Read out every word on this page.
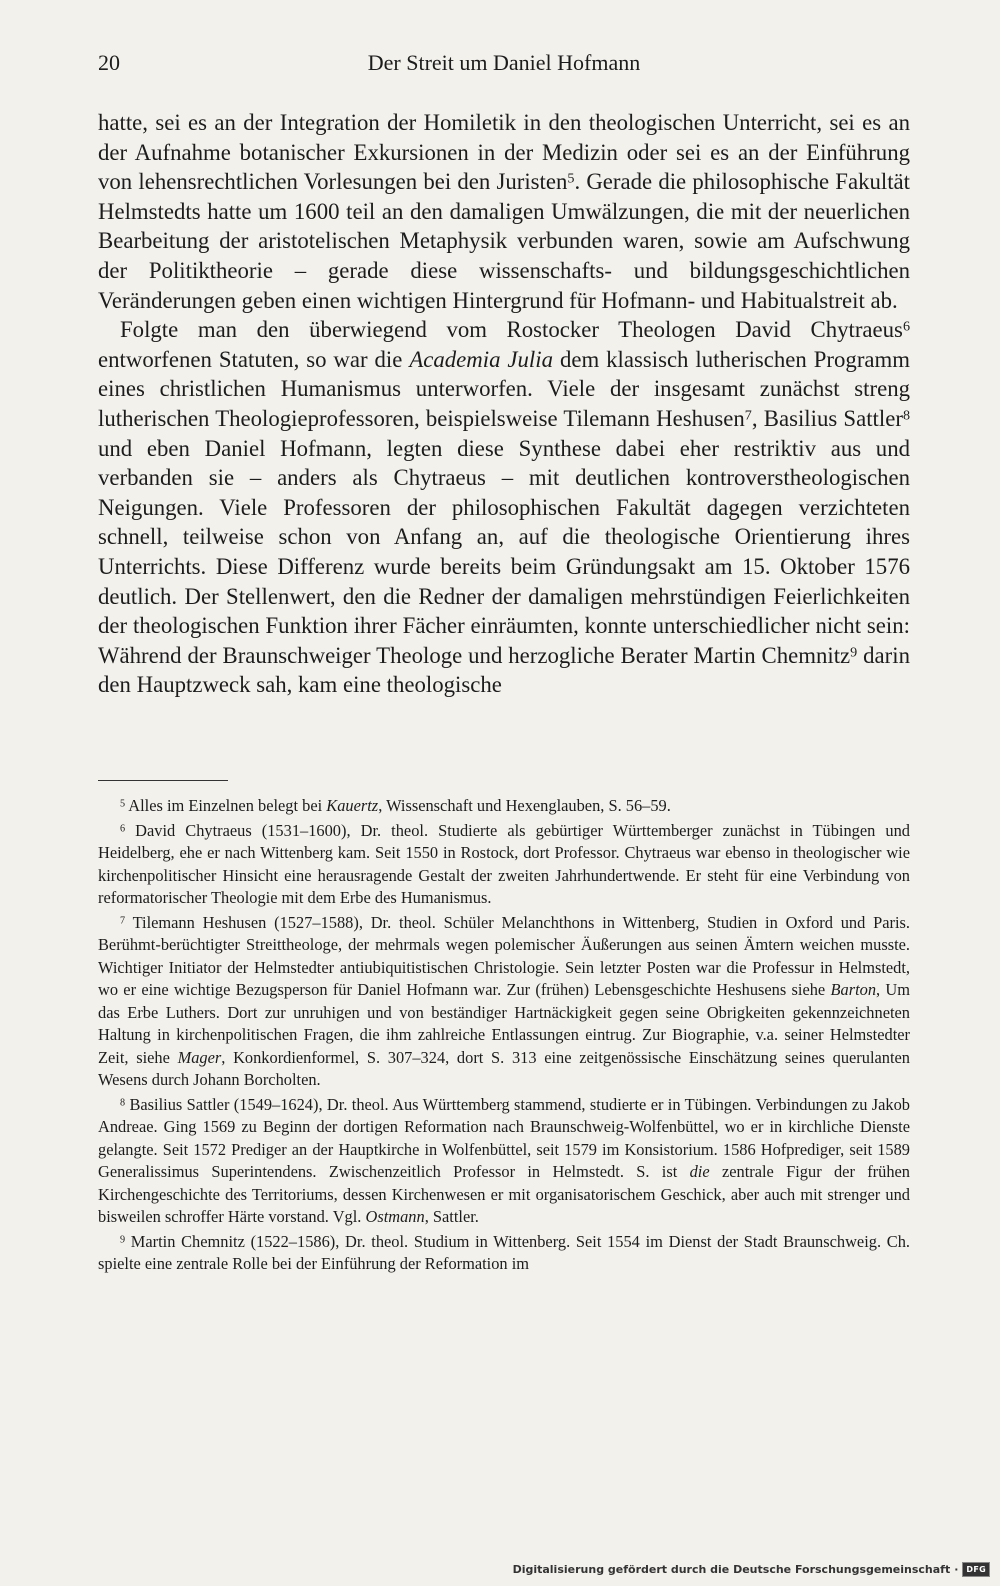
20	Der Streit um Daniel Hofmann

hatte, sei es an der Integration der Homiletik in den theologischen Unterricht, sei es an der Aufnahme botanischer Exkursionen in der Medizin oder sei es an der Einführung von lehensrechtlichen Vorlesungen bei den Juristen$^5$. Gerade die philosophische Fakultät Helmstedts hatte um 1600 teil an den damaligen Umwälzungen, die mit der neuerlichen Bearbeitung der aristotelischen Metaphysik verbunden waren, sowie am Aufschwung der Politiktheorie – gerade diese wissenschafts- und bildungsgeschichtlichen Veränderungen geben einen wichtigen Hintergrund für Hofmann- und Habitualstreit ab.

Folgte man den überwiegend vom Rostocker Theologen David Chytraeus$^6$ entworfenen Statuten, so war die Academia Julia dem klassisch lutherischen Programm eines christlichen Humanismus unterworfen. Viele der insgesamt zunächst streng lutherischen Theologieprofessoren, beispielsweise Tilemann Heshusen$^7$, Basilius Sattler$^8$ und eben Daniel Hofmann, legten diese Synthese dabei eher restriktiv aus und verbanden sie – anders als Chytraeus – mit deutlichen kontroverstheologischen Neigungen. Viele Professoren der philosophischen Fakultät dagegen verzichteten schnell, teilweise schon von Anfang an, auf die theologische Orientierung ihres Unterrichts. Diese Differenz wurde bereits beim Gründungsakt am 15. Oktober 1576 deutlich. Der Stellenwert, den die Redner der damaligen mehrstündigen Feierlichkeiten der theologischen Funktion ihrer Fächer einräumten, konnte unterschiedlicher nicht sein: Während der Braunschweiger Theologe und herzogliche Berater Martin Chemnitz$^9$ darin den Hauptzweck sah, kam eine theologische

$^5$ Alles im Einzelnen belegt bei Kauertz, Wissenschaft und Hexenglauben, S. 56–59.

$^6$ David Chytraeus (1531–1600), Dr. theol. Studierte als gebürtiger Württemberger zunächst in Tübingen und Heidelberg, ehe er nach Wittenberg kam. Seit 1550 in Rostock, dort Professor. Chytraeus war ebenso in theologischer wie kirchenpolitischer Hinsicht eine herausragende Gestalt der zweiten Jahrhundertwende. Er steht für eine Verbindung von reformatorischer Theologie mit dem Erbe des Humanismus.

$^7$ Tilemann Heshusen (1527–1588), Dr. theol. Schüler Melanchthons in Wittenberg, Studien in Oxford und Paris. Berühmt-berüchtigter Streittheologe, der mehrmals wegen polemischer Äußerungen aus seinen Ämtern weichen musste. Wichtiger Initiator der Helmstedter antiubiquitistischen Christologie. Sein letzter Posten war die Professur in Helmstedt, wo er eine wichtige Bezugsperson für Daniel Hofmann war. Zur (frühen) Lebensgeschichte Heshusens siehe Barton, Um das Erbe Luthers. Dort zur unruhigen und von beständiger Hartnäckigkeit gegen seine Obrigkeiten gekennzeichneten Haltung in kirchenpolitischen Fragen, die ihm zahlreiche Entlassungen eintrug. Zur Biographie, v.a. seiner Helmstedter Zeit, siehe Mager, Konkordienformel, S. 307–324, dort S. 313 eine zeitgenössische Einschätzung seines querulanten Wesens durch Johann Borcholten.

$^8$ Basilius Sattler (1549–1624), Dr. theol. Aus Württemberg stammend, studierte er in Tübingen. Verbindungen zu Jakob Andreae. Ging 1569 zu Beginn der dortigen Reformation nach Braunschweig-Wolfenbüttel, wo er in kirchliche Dienste gelangte. Seit 1572 Prediger an der Hauptkirche in Wolfenbüttel, seit 1579 im Konsistorium. 1586 Hofprediger, seit 1589 Generalissimus Superintendens. Zwischenzeitlich Professor in Helmstedt. S. ist die zentrale Figur der frühen Kirchengeschichte des Territoriums, dessen Kirchenwesen er mit organisatorischem Geschick, aber auch mit strenger und bisweilen schroffer Härte vorstand. Vgl. Ostmann, Sattler.

$^9$ Martin Chemnitz (1522–1586), Dr. theol. Studium in Wittenberg. Seit 1554 im Dienst der Stadt Braunschweig. Ch. spielte eine zentrale Rolle bei der Einführung der Reformation im

Digitalisierung gefördert durch die Deutsche Forschungsgemeinschaft ·	DFG
